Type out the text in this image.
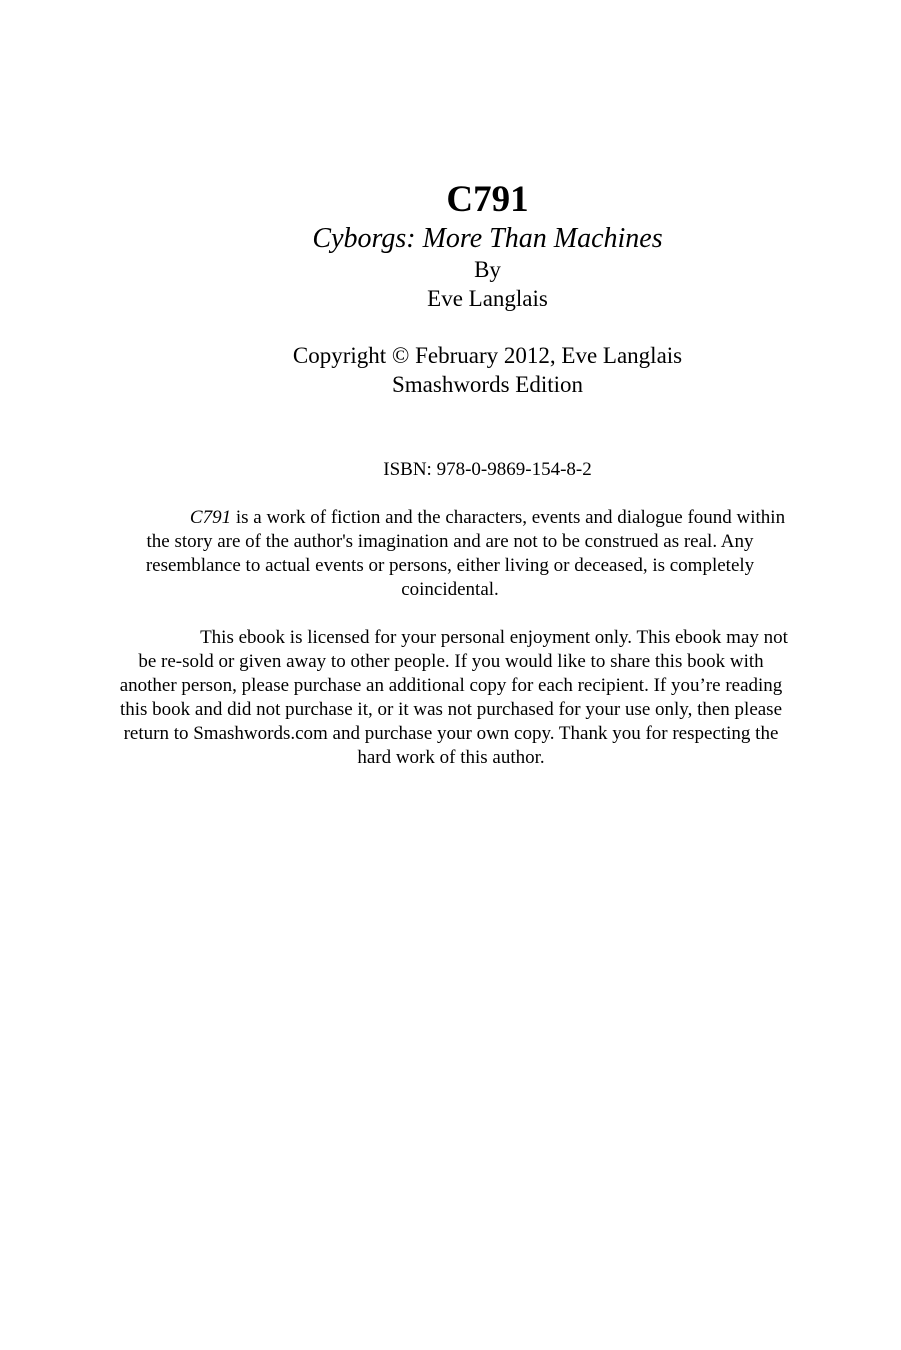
C791
Cyborgs: More Than Machines
By
Eve Langlais
Copyright © February 2012, Eve Langlais
Smashwords Edition
ISBN: 978-0-9869-154-8-2

C791 is a work of fiction and the characters, events and dialogue found within the story are of the author's imagination and are not to be construed as real. Any resemblance to actual events or persons, either living or deceased, is completely coincidental.

This ebook is licensed for your personal enjoyment only. This ebook may not be re-sold or given away to other people. If you would like to share this book with another person, please purchase an additional copy for each recipient. If you’re reading this book and did not purchase it, or it was not purchased for your use only, then please return to Smashwords.com and purchase your own copy. Thank you for respecting the hard work of this author.
